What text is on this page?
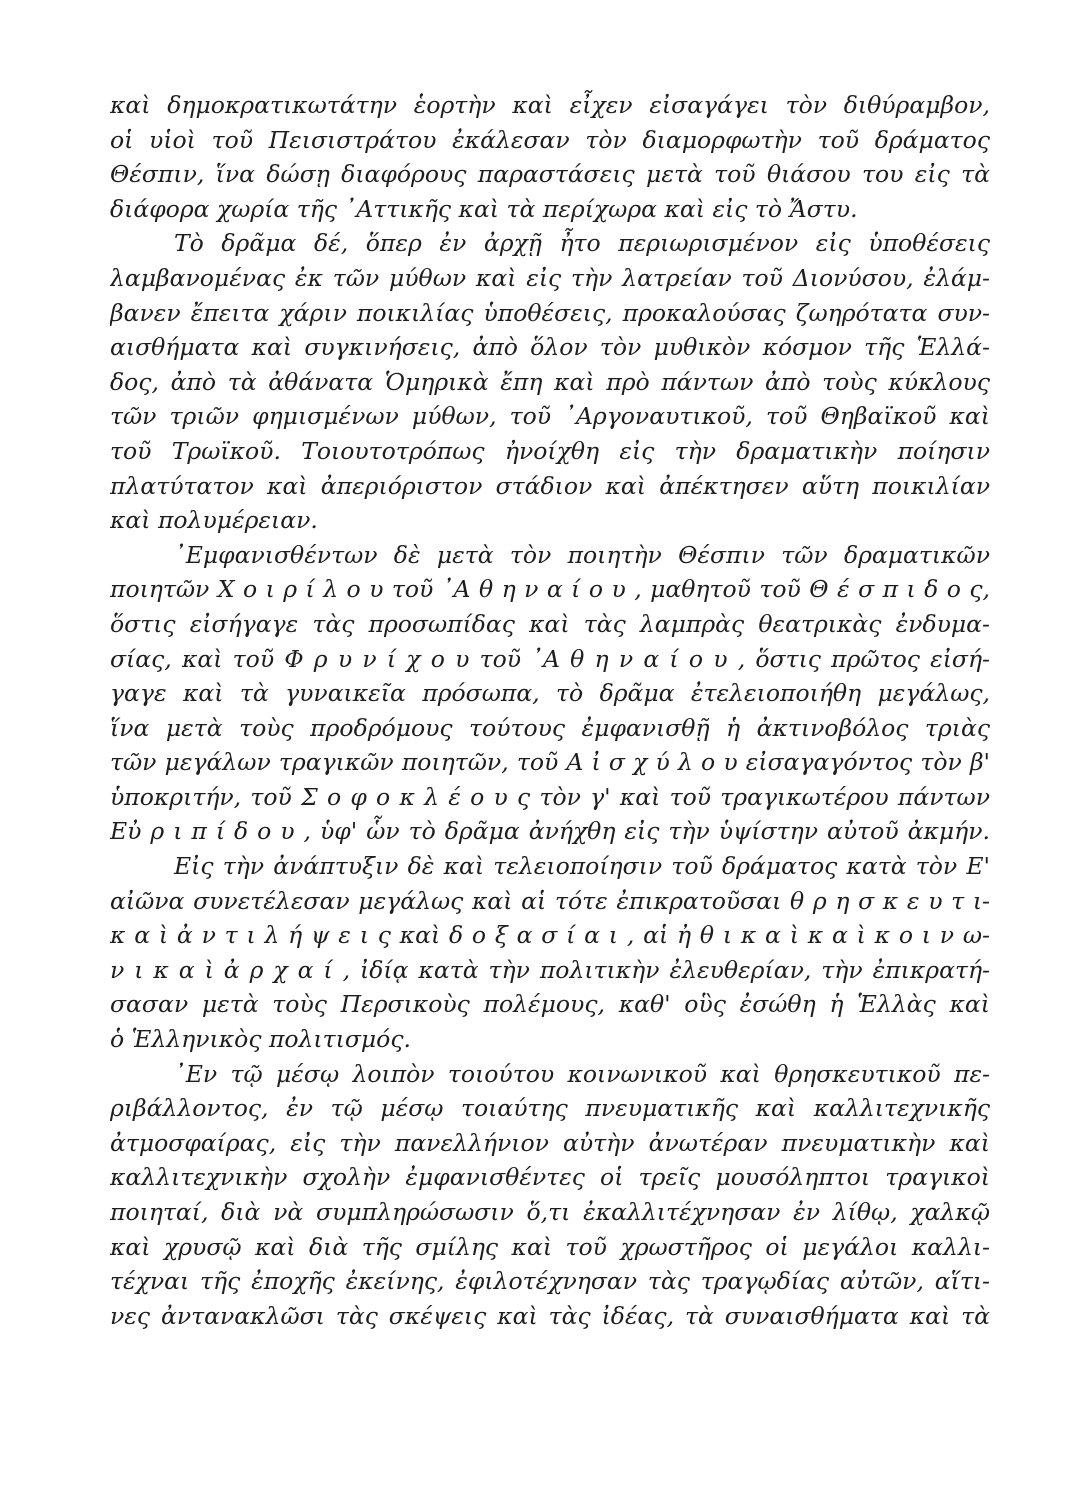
καὶ δημοκρατικωτάτην ἑορτὴν καὶ εἶχεν εἰσαγάγει τὸν διθύραμβον,
οἱ υἱοὶ τοῦ Πεισιστράτου ἐκάλεσαν τὸν διαμορφωτὴν τοῦ δράματος
Θέσπιν, ἵνα δώσῃ διαφόρους παραστάσεις μετὰ τοῦ θιάσου του εἰς τὰ
διάφορα χωρία τῆς ᾿Αττικῆς καὶ τὰ περίχωρα καὶ εἰς τὸ Ἄστυ.
Τὸ δρᾶμα δέ, ὅπερ ἐν ἀρχῇ ἦτο περιωρισμένον εἰς ὑποθέσεις
λαμβανομένας ἐκ τῶν μύθων καὶ εἰς τὴν λατρείαν τοῦ Διονύσου, ἐλάμ-
βανεν ἔπειτα χάριν ποικιλίας ὑποθέσεις, προκαλούσας ζωηρότατα συν-
αισθήματα καὶ συγκινήσεις, ἀπὸ ὅλον τὸν μυθικὸν κόσμον τῆς Ἑλλά-
δος, ἀπὸ τὰ ἀθάνατα Ὁμηρικὰ ἔπη καὶ πρὸ πάντων ἀπὸ τοὺς κύκλους
τῶν τριῶν φημισμένων μύθων, τοῦ ᾿Αργοναυτικοῦ, τοῦ Θηβαϊκοῦ καὶ
τοῦ Τρωϊκοῦ. Τοιουτοτρόπως ἠνοίχθη εἰς τὴν δραματικὴν ποίησιν
πλατύτατον καὶ ἀπεριόριστον στάδιον καὶ ἀπέκτησεν αὕτη ποικιλίαν
καὶ πολυμέρειαν.
᾿Εμφανισθέντων δὲ μετὰ τὸν ποιητὴν Θέσπιν τῶν δραματικῶν
ποιητῶν Χ ο ι ρ ί λ ο υ τοῦ ᾿Α θ η ν α ί ο υ , μαθητοῦ τοῦ Θ έ σ π ι δ ο ς,
ὅστις εἰσήγαγε τὰς προσωπίδας καὶ τὰς λαμπρὰς θεατρικὰς ἐνδυμα-
σίας, καὶ τοῦ Φ ρ υ ν ί χ ο υ τοῦ ᾿Α θ η ν α ί ο υ , ὅστις πρῶτος εἰσή-
γαγε καὶ τὰ γυναικεῖα πρόσωπα, τὸ δρᾶμα ἐτελειοποιήθη μεγάλως,
ἵνα μετὰ τοὺς προδρόμους τούτους ἐμφανισθῇ ἡ ἀκτινοβόλος τριὰς
τῶν μεγάλων τραγικῶν ποιητῶν, τοῦ Α ἰ σ χ ύ λ ο υ εἰσαγαγόντος τὸν β'
ὑποκριτήν, τοῦ Σ ο φ ο κ λ έ ο υ ς τὸν γ' καὶ τοῦ τραγικωτέρου πάντων
Εὐ ρ ι π ί δ ο υ , ὑφ' ὧν τὸ δρᾶμα ἀνήχθη εἰς τὴν ὑψίστην αὐτοῦ ἀκμήν.
Εἰς τὴν ἀνάπτυξιν δὲ καὶ τελειοποίησιν τοῦ δράματος κατὰ τὸν Ε'
αἰῶνα συνετέλεσαν μεγάλως καὶ αἱ τότε ἐπικρατοῦσαι θ ρ η σ κ ε υ τ ι-
κ α ὶ ἀ ν τ ι λ ή ψ ε ι ς καὶ δ ο ξ α σ ί α ι , αἱ ἠ θ ι κ α ὶ κ α ὶ κ ο ι ν ω-
ν ι κ α ὶ ἀ ρ χ α ί , ἰδίᾳ κατὰ τὴν πολιτικὴν ἐλευθερίαν, τὴν ἐπικρατή-
σασαν μετὰ τοὺς Περσικοὺς πολέμους, καθ' οὓς ἐσώθη ἡ Ἑλλὰς καὶ
ὁ Ἑλληνικὸς πολιτισμός.
᾿Εν τῷ μέσῳ λοιπὸν τοιούτου κοινωνικοῦ καὶ θρησκευτικοῦ πε-
ριβάλλοντος, ἐν τῷ μέσῳ τοιαύτης πνευματικῆς καὶ καλλιτεχνικῆς
ἀτμοσφαίρας, εἰς τὴν πανελλήνιον αὐτὴν ἀνωτέραν πνευματικὴν καὶ
καλλιτεχνικὴν σχολὴν ἐμφανισθέντες οἱ τρεῖς μουσόληπτοι τραγικοὶ
ποιηταί, διὰ νὰ συμπληρώσωσιν ὅ,τι ἐκαλλιτέχνησαν ἐν λίθῳ, χαλκῷ
καὶ χρυσῷ καὶ διὰ τῆς σμίλης καὶ τοῦ χρωστῆρος οἱ μεγάλοι καλλι-
τέχναι τῆς ἐποχῆς ἐκείνης, ἐφιλοτέχνησαν τὰς τραγῳδίας αὐτῶν, αἵτι-
νες ἀντανακλῶσι τὰς σκέψεις καὶ τὰς ἰδέας, τὰ συναισθήματα καὶ τὰ
